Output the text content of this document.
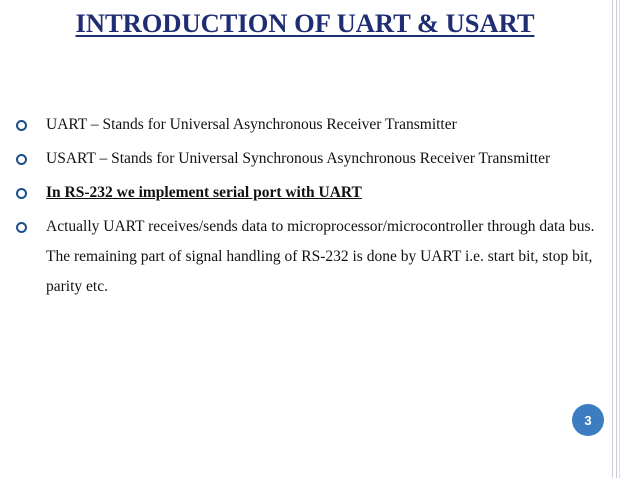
INTRODUCTION OF UART & USART
UART – Stands for Universal Asynchronous Receiver Transmitter
USART – Stands for Universal Synchronous Asynchronous Receiver Transmitter
In RS-232 we implement serial port with UART
Actually UART receives/sends data to microprocessor/microcontroller through data bus. The remaining part of signal handling of RS-232 is done by UART i.e. start bit, stop bit, parity etc.
3
